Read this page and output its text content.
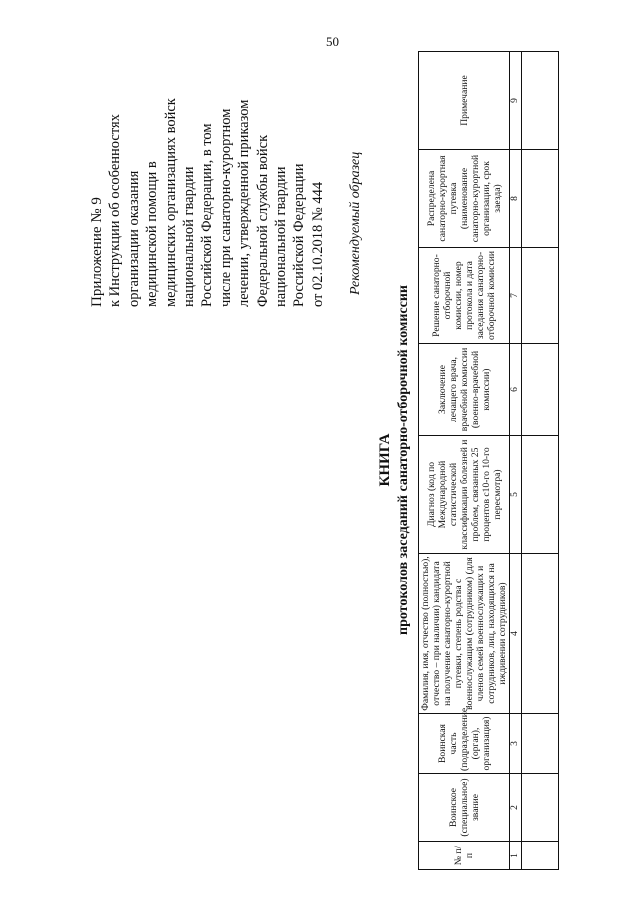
50
Приложение № 9 к Инструкции об особенностях организации оказания медицинской помощи в медицинских организациях войск национальной гвардии Российской Федерации, в том числе при санаторно-курортном лечении, утвержденной приказом Федеральной службы войск национальной гвардии Российской Федерации от 02.10.2018 № 444 Рекомендуемый образец
КНИГА протоколов заседаний санаторно-отборочной комиссии
№ п/п	Воинское (специальное) звание	Воинская часть (подразделение, (орган), организация)	Фамилия, имя, отчество (полностью), отчество – при наличии) кандидата на получение санаторно-курортной путевки, степень родства с военнослужащим (сотрудником) (для членов семей военнослужащих и сотрудников, лиц, находящихся на иждивении сотрудников)	Диагноз (код по Международной статистической классификации болезней и проблем, связанных 25 процентов с10-го 10-го пересмотра)	Заключение лечащего врача, врачебной комиссии (военно-врачебной комиссии)	Решение санаторно-отборочной комиссии, номер протокола и дата заседания санаторно-отборочной комиссии	Распределена санаторно-курортная путевка (наименование санаторно-курортной организации, срок заезда)	Примечание
1	2	3	4	5	6	7	8	9
